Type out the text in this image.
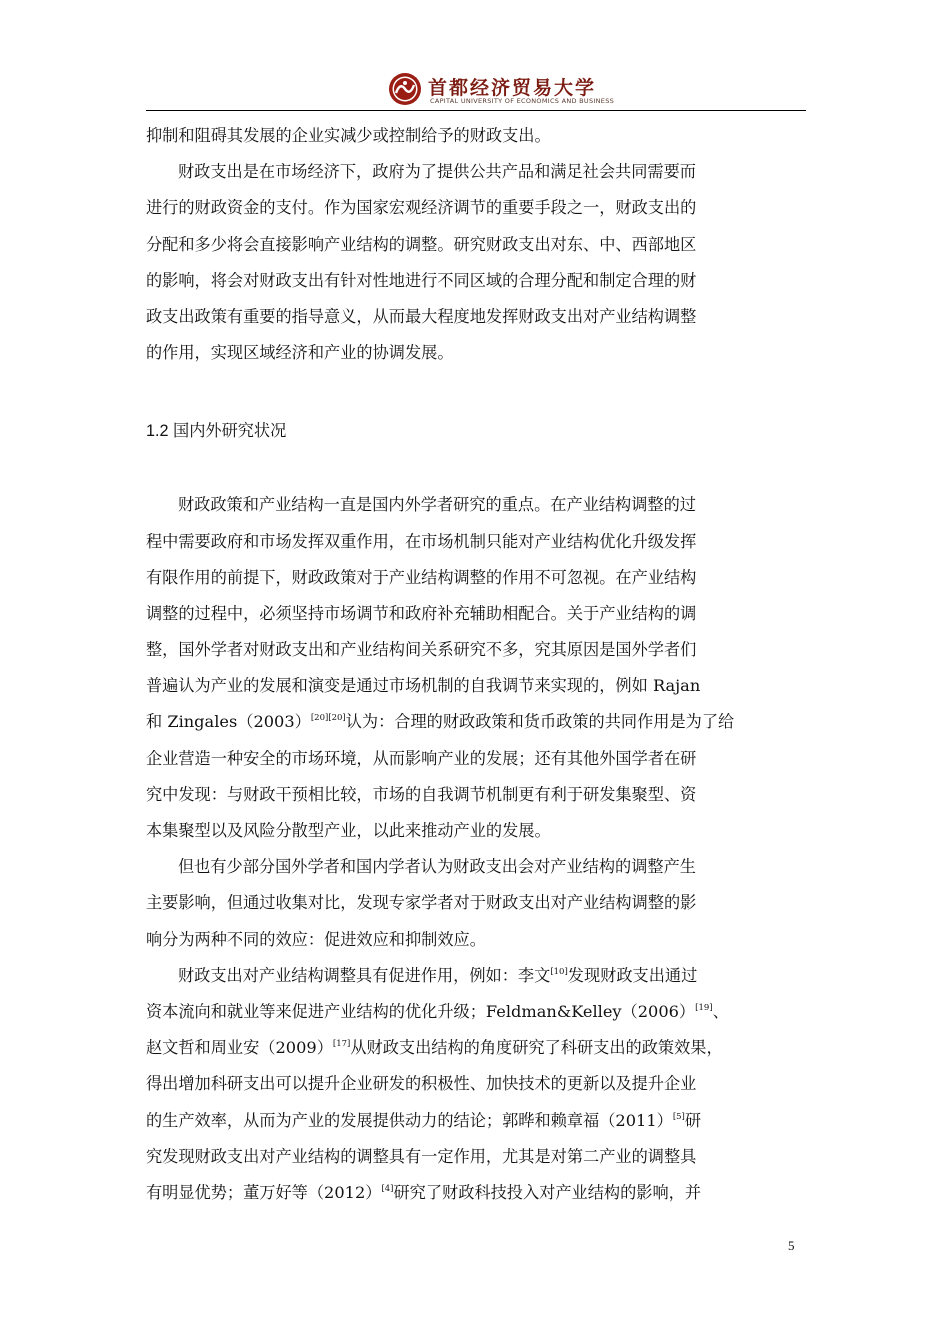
首都经济贸易大学
CAPITAL UNIVERSITY OF ECONOMICS AND BUSINESS
抑制和阻碍其发展的企业实减少或控制给予的财政支出。
财政支出是在市场经济下，政府为了提供公共产品和满足社会共同需要而
进行的财政资金的支付。作为国家宏观经济调节的重要手段之一，财政支出的
分配和多少将会直接影响产业结构的调整。研究财政支出对东、中、西部地区
的影响，将会对财政支出有针对性地进行不同区域的合理分配和制定合理的财
政支出政策有重要的指导意义，从而最大程度地发挥财政支出对产业结构调整
的作用，实现区域经济和产业的协调发展。
1.2 国内外研究状况
财政政策和产业结构一直是国内外学者研究的重点。在产业结构调整的过
程中需要政府和市场发挥双重作用，在市场机制只能对产业结构优化升级发挥
有限作用的前提下，财政政策对于产业结构调整的作用不可忽视。在产业结构
调整的过程中，必须坚持市场调节和政府补充辅助相配合。关于产业结构的调
整，国外学者对财政支出和产业结构间关系研究不多，究其原因是国外学者们
普遍认为产业的发展和演变是通过市场机制的自我调节来实现的，例如 Rajan
和 Zingales（2003）[20][20]认为：合理的财政政策和货币政策的共同作用是为了给
企业营造一种安全的市场环境，从而影响产业的发展；还有其他外国学者在研
究中发现：与财政干预相比较，市场的自我调节机制更有利于研发集聚型、资
本集聚型以及风险分散型产业，以此来推动产业的发展。
但也有少部分国外学者和国内学者认为财政支出会对产业结构的调整产生
主要影响，但通过收集对比，发现专家学者对于财政支出对产业结构调整的影
响分为两种不同的效应：促进效应和抑制效应。
财政支出对产业结构调整具有促进作用，例如：李文[10]发现财政支出通过
资本流向和就业等来促进产业结构的优化升级；Feldman&Kelley（2006）[19]、
赵文哲和周业安（2009）[17]从财政支出结构的角度研究了科研支出的政策效果，
得出增加科研支出可以提升企业研发的积极性、加快技术的更新以及提升企业
的生产效率，从而为产业的发展提供动力的结论；郭晔和赖章福（2011）[5]研
究发现财政支出对产业结构的调整具有一定作用，尤其是对第二产业的调整具
有明显优势；董万好等（2012）[4]研究了财政科技投入对产业结构的影响，并
5
